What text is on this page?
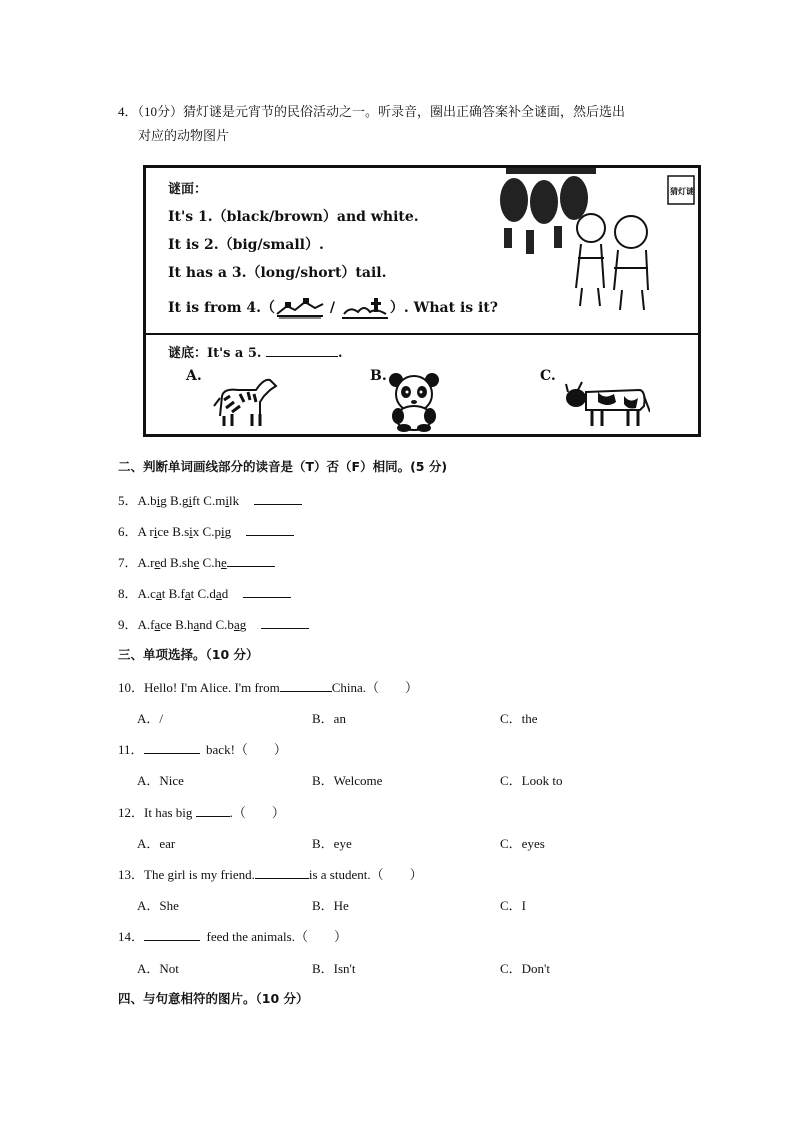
4．（10分）猜灯谜是元宵节的民俗活动之一。听录音，圈出正确答案补全谜面，然后选出
对应的动物图片
谜面：
It's 1.（black/brown）and white.
It is 2.（big/small）.
It has a 3.（long/short）tail.
It is from 4.（	/	）. What is it?
猜灯谜
谜底：It's a 5.	.
A.	B.	C.
二、判断单词画线部分的读音是（T）否（F）相同。(5 分)
5．A.big B.gift C.milk
6．A rice B.six C.pig
7．A.red B.she C.he
8．A.cat B.fat C.dad
9．A.face B.hand C.bag
三、单项选择。（10 分）
10．Hello! I'm Alice. I'm from	China.（　　）
A．/	B．an	C．the
11．	back!（　　）
A．Nice	B．Welcome	C．Look to
12．It has big	.（　　）
A．ear	B．eye	C．eyes
13．The girl is my friend.	is a student.（　　）
A．She	B．He	C．I
14．	feed the animals.（　　）
A．Not	B．Isn't	C．Don't
四、与句意相符的图片。（10 分）
